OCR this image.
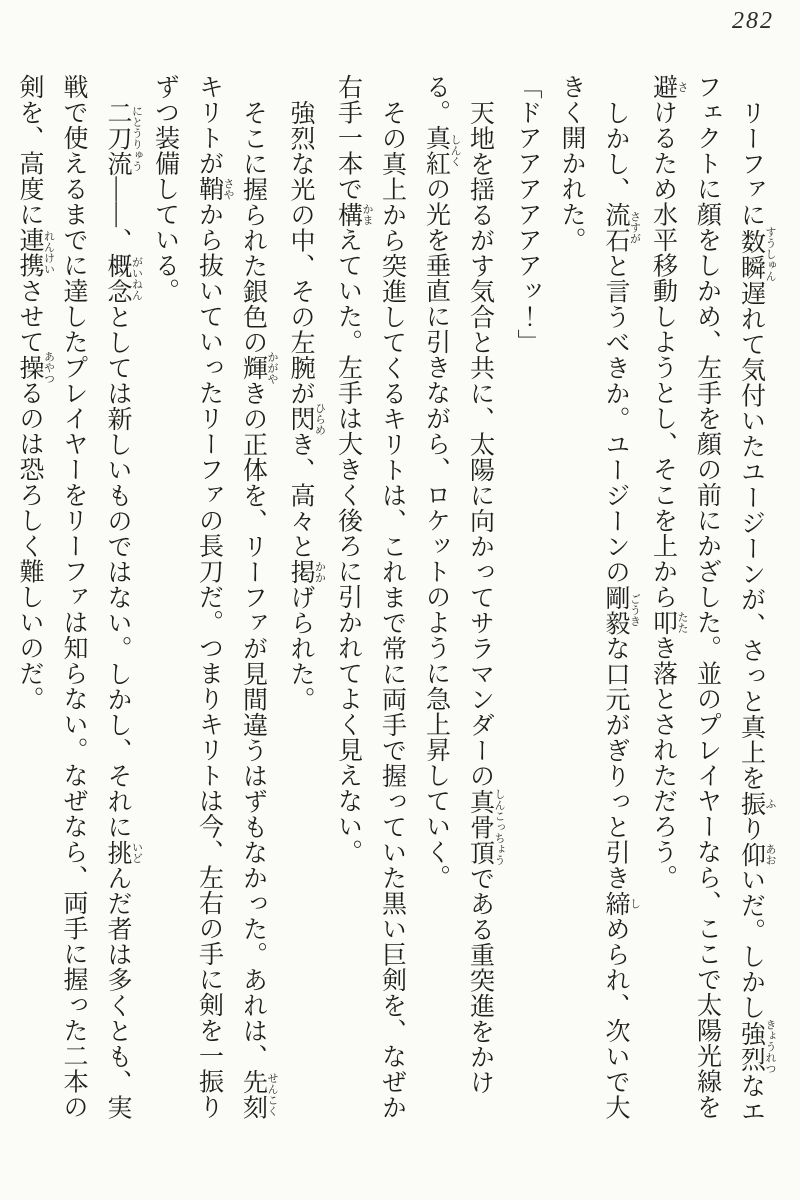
282

リーファに数瞬 すうしゅん遅れて気付いたユージーンが、さっと真上を振 ふり仰 あおいだ。しかし強烈 きょうれつなエフェクトに顔をしかめ、左手を顔の前にかざした。並のプレイヤーなら、ここで太陽光線を避 さけるため水平移動しようとし、そこを上から叩 たたき落とされただろう。

しかし、流石 さすがと言うべきか。ユージーンの剛毅 ごうきな口元がぎりっと引き締 しめられ、次いで大きく開かれた。

「ドアアアアアアッ！」

天地を揺るがす気合と共に、太陽に向かってサラマンダーの真骨頂 しんこっちょうである重突進をかける。真紅 しんくの光を垂直に引きながら、ロケットのように急上昇していく。

その真上から突進してくるキリトは、これまで常に両手で握っていた黒い巨剣を、なぜか右手一本で構 かまえていた。左手は大きく後ろに引かれてよく見えない。

強烈な光の中、その左腕が閃 ひらめき、高々と掲 かかげられた。

そこに握られた銀色の輝 かがやきの正体を、リーファが見間違うはずもなかった。あれは、先刻 せんこくキリトが鞘 さやから抜いていったリーファの長刀だ。つまりキリトは今、左右の手に剣を一振りずつ装備している。

二刀流 にとうりゅう――、概念 がいねんとしては新しいものではない。しかし、それに挑 いどんだ者は多くとも、実戦で使えるまでに達したプレイヤーをリーファは知らない。なぜなら、両手に握った二本の剣を、高度に連携 れんけいさせて操 あやつるのは恐ろしく難しいのだ。
